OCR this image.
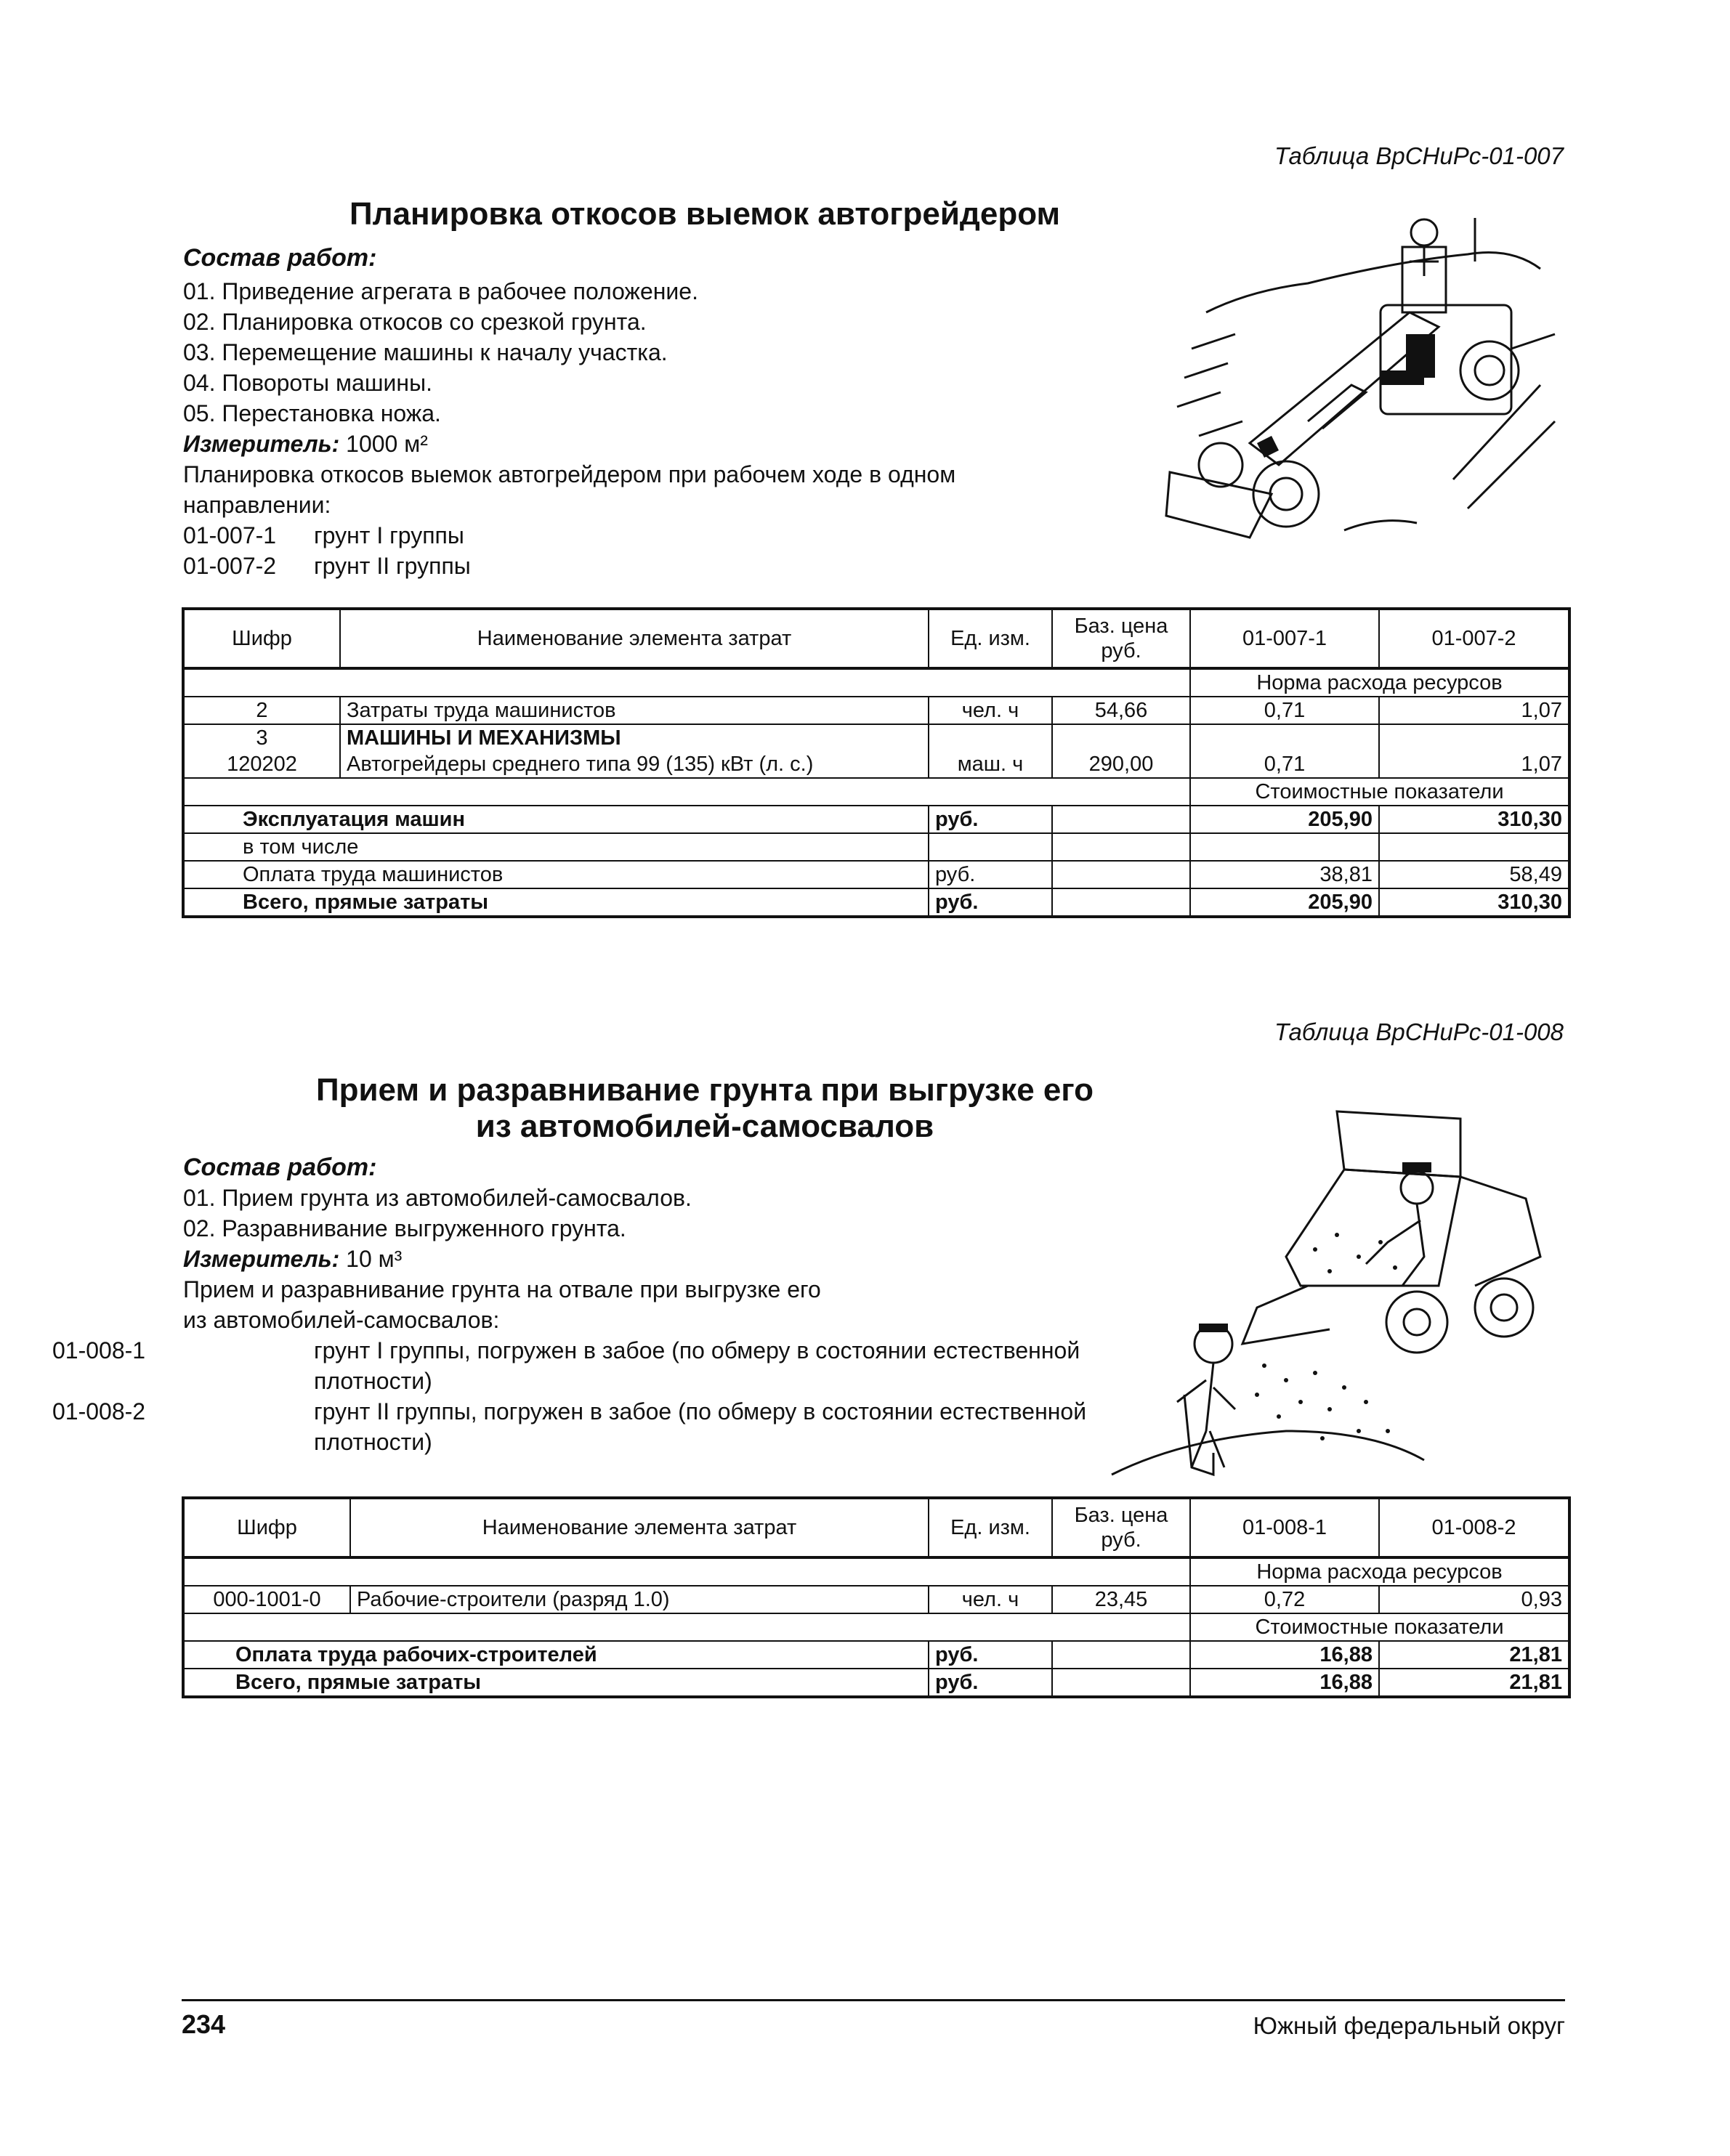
Таблица ВрСНиРс-01-007
Планировка откосов выемок автогрейдером
Состав работ:
01. Приведение агрегата в рабочее положение.
02. Планировка откосов со срезкой грунта.
03. Перемещение машины к началу участка.
04. Повороты машины.
05. Перестановка ножа.
Измеритель: 1000 м²
Планировка откосов выемок автогрейдером при рабочем ходе в одном направлении:
01-007-1 грунт I группы
01-007-2 грунт II группы
Шифр	Наименование элемента затрат	Ед. изм.	Баз. цена руб.	01-007-1	01-007-2
				Норма расхода ресурсов	
2	Затраты труда машинистов	чел. ч	54,66	0,71	1,07
3	МАШИНЫ И МЕХАНИЗМЫ				
120202	Автогрейдеры среднего типа 99 (135) кВт (л. с.)	маш. ч	290,00	0,71	1,07
				Стоимостные показатели	
Эксплуатация машин		руб.		205,90	310,30
в том числе					
Оплата труда машинистов		руб.		38,81	58,49
Всего, прямые затраты		руб.		205,90	310,30
Таблица ВрСНиРс-01-008
Прием и разравнивание грунта при выгрузке его
из автомобилей-самосвалов
Состав работ:
01. Прием грунта из автомобилей-самосвалов.
02. Разравнивание выгруженного грунта.
Измеритель: 10 м³
Прием и разравнивание грунта на отвале при выгрузке его
из автомобилей-самосвалов:
01-008-1	грунт I группы, погружен в забое (по обмеру в состоянии естественной плотности)
01-008-2	грунт II группы, погружен в забое (по обмеру в состоянии естественной плотности)
Шифр	Наименование элемента затрат	Ед. изм.	Баз. цена руб.	01-008-1	01-008-2
				Норма расхода ресурсов	
000-1001-0	Рабочие-строители (разряд 1.0)	чел. ч	23,45	0,72	0,93
				Стоимостные показатели	
Оплата труда рабочих-строителей		руб.		16,88	21,81
Всего, прямые затраты		руб.		16,88	21,81
234	Южный федеральный округ
